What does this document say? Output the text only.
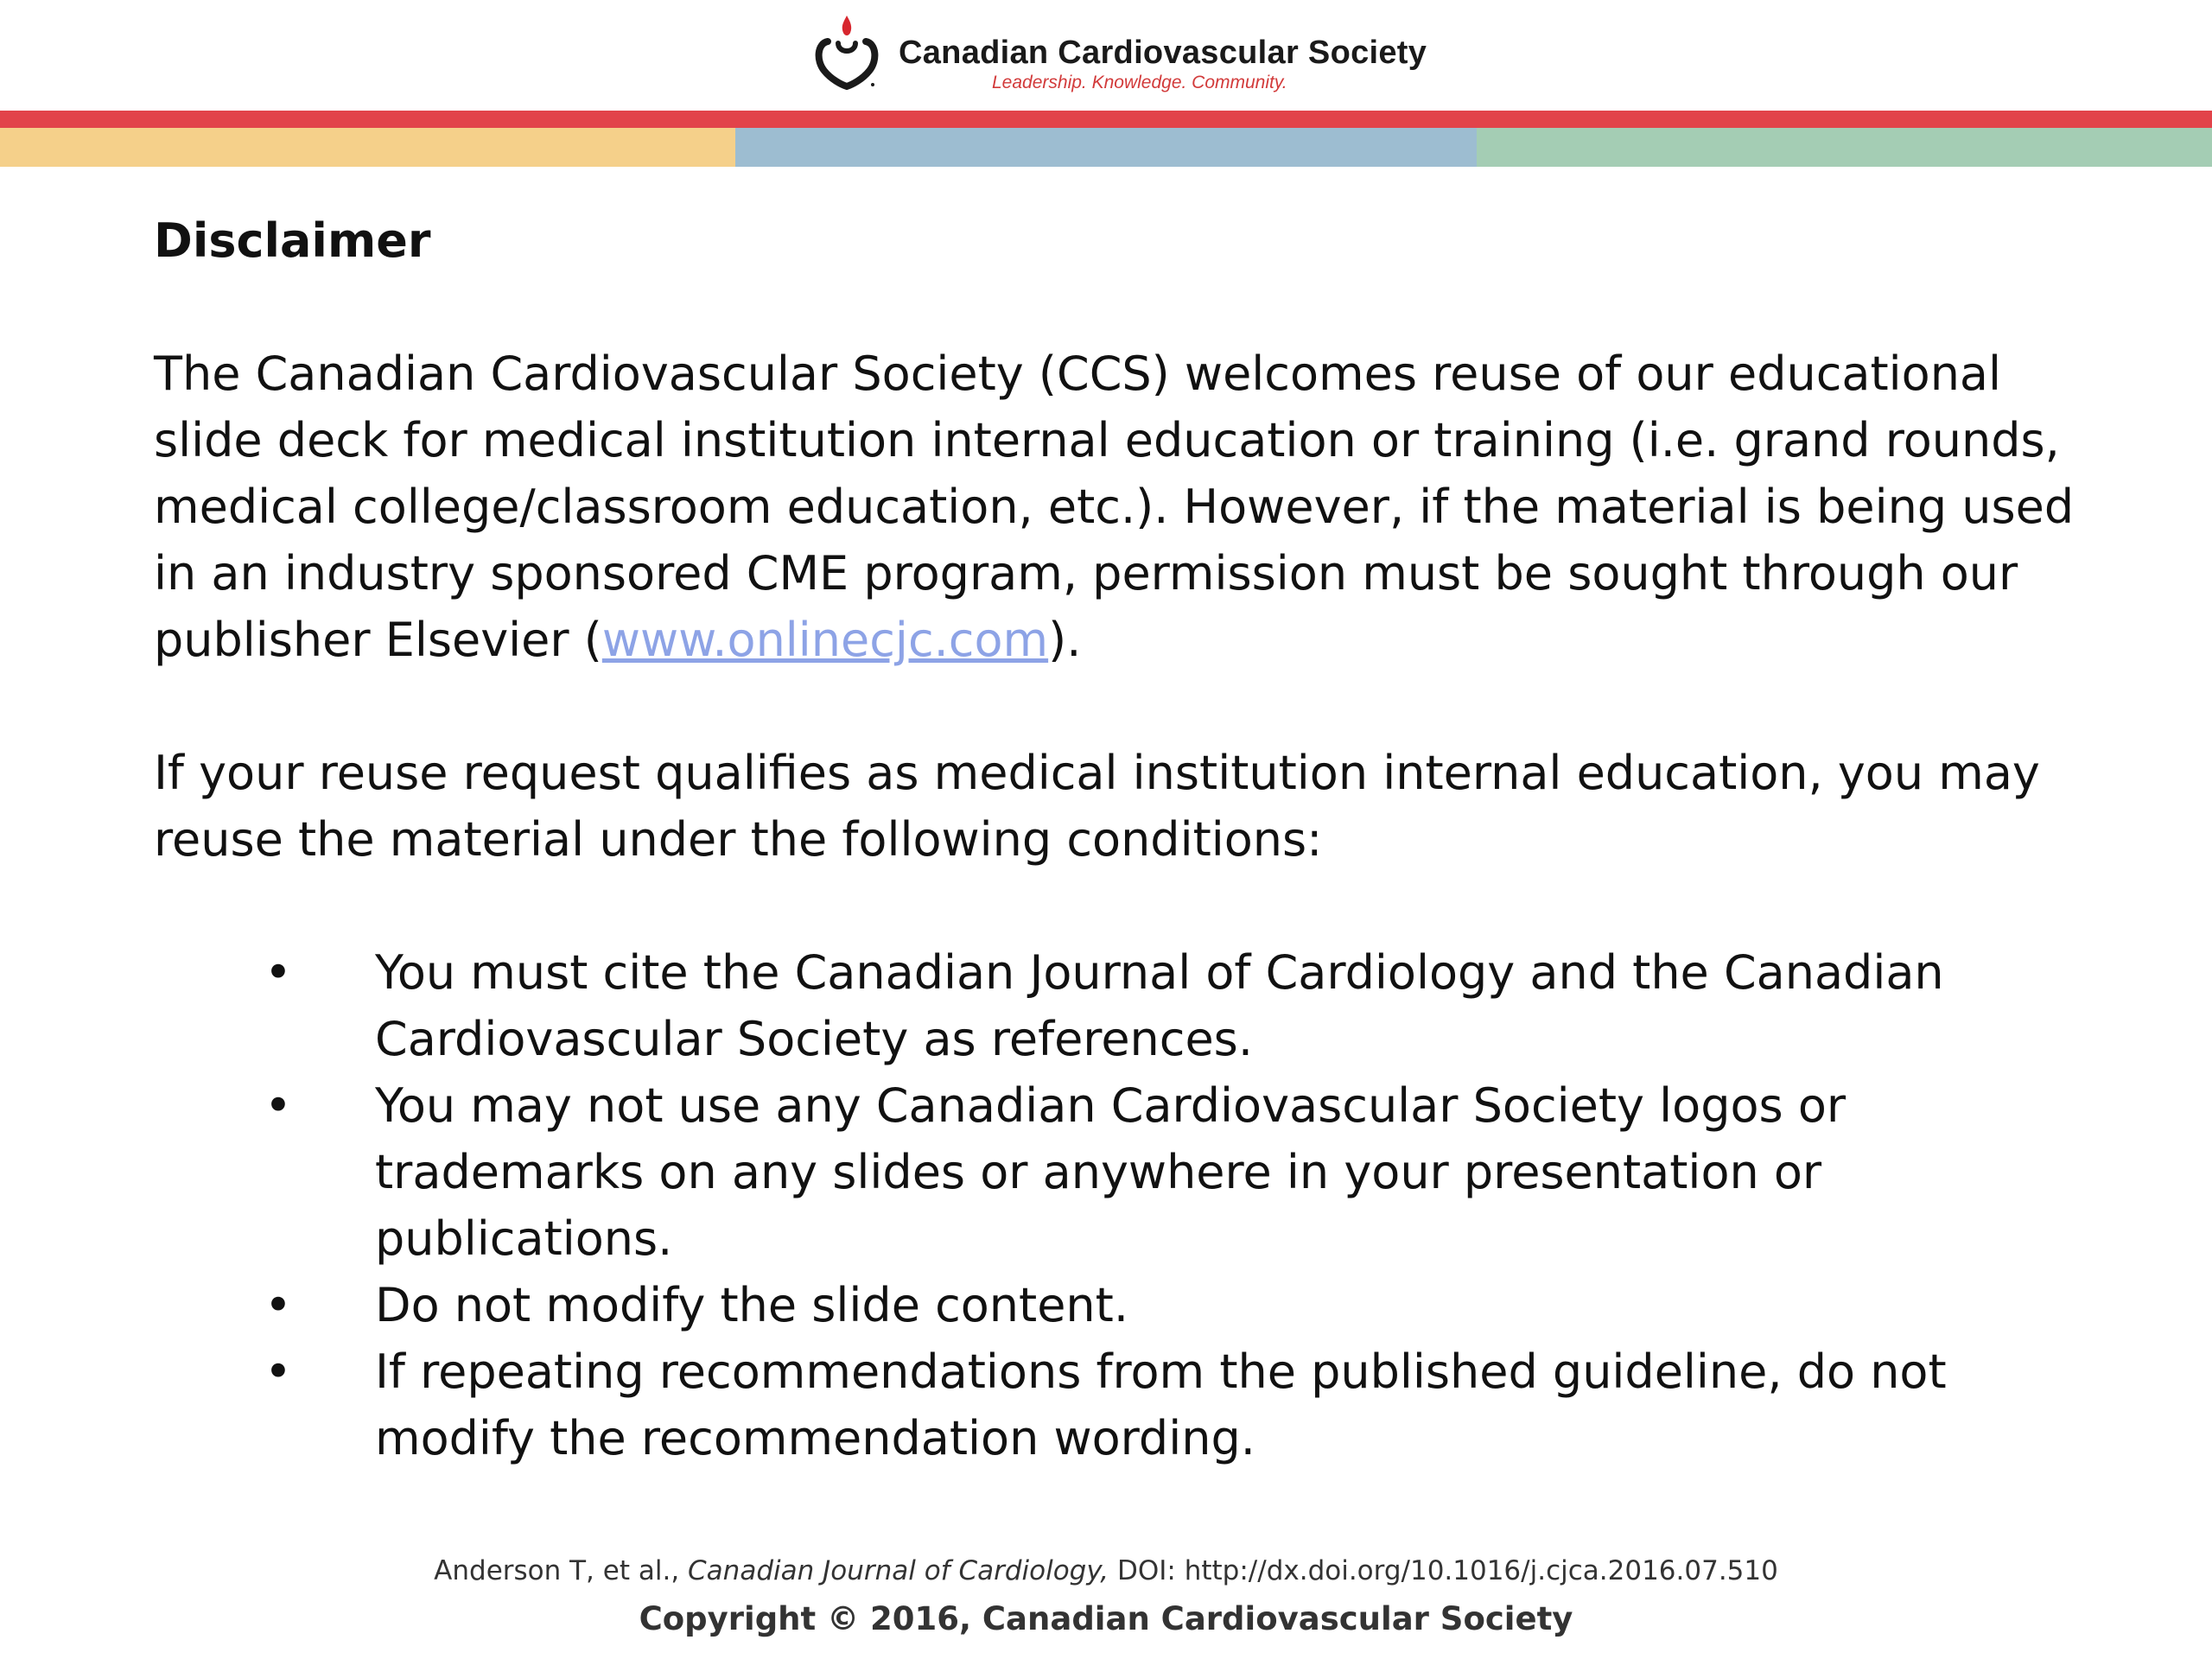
Canadian Cardiovascular Society
Leadership. Knowledge. Community.
Disclaimer
The Canadian Cardiovascular Society (CCS) welcomes reuse of our educational slide deck for medical institution internal education or training (i.e. grand rounds, medical college/classroom education, etc.). However, if the material is being used in an industry sponsored CME program, permission must be sought through our publisher Elsevier (www.onlinecjc.com).
If your reuse request qualifies as medical institution internal education, you may reuse the material under the following conditions:
• You must cite the Canadian Journal of Cardiology and the Canadian Cardiovascular Society as references.
• You may not use any Canadian Cardiovascular Society logos or trademarks on any slides or anywhere in your presentation or publications.
• Do not modify the slide content.
• If repeating recommendations from the published guideline, do not modify the recommendation wording.
Anderson T, et al., Canadian Journal of Cardiology, DOI: http://dx.doi.org/10.1016/j.cjca.2016.07.510
Copyright © 2016, Canadian Cardiovascular Society
